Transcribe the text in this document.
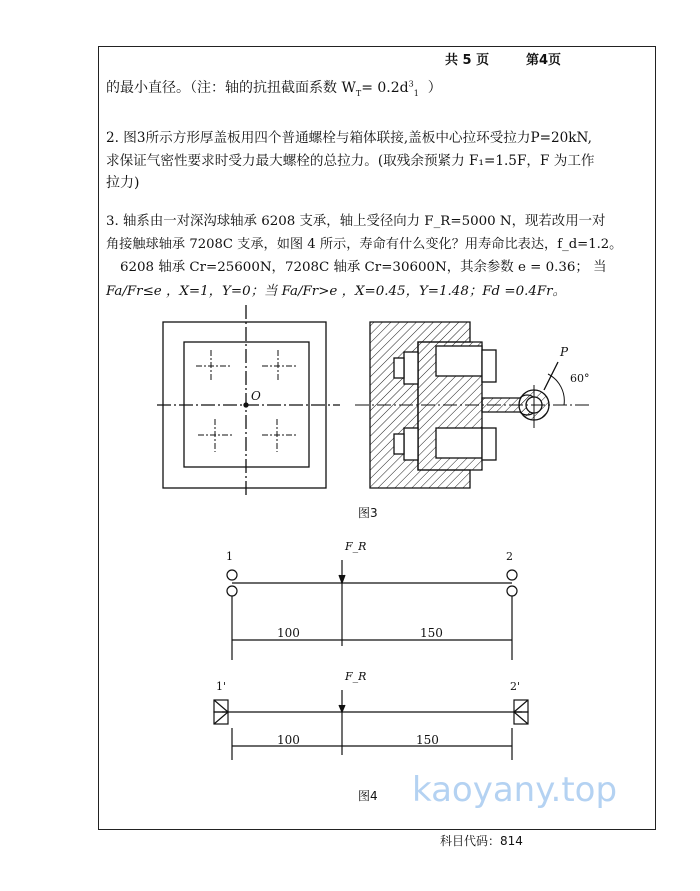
共 5 页	第4页
的最小直径。（注：轴的抗扭截面系数 $W_T= 0.2d^3_1$ ）
2. 图3所示方形厚盖板用四个普通螺栓与箱体联接,盖板中心拉环受拉力P=20kN,
求保证气密性要求时受力最大螺栓的总拉力。(取残余预紧力 F₁=1.5F，F 为工作
拉力)
3. 轴系由一对深沟球轴承 6208 支承，轴上受径向力 F_R=5000 N，现若改用一对
角接触球轴承 7208C 支承，如图 4 所示，寿命有什么变化？用寿命比表达，f_d=1.2。
6208 轴承 Cr=25600N，7208C 轴承 Cr=30600N，其余参数 e = 0.36； 当
Fa/Fr≤e ，X=1，Y=0；当 Fa/Fr>e ，X=0.45，Y=1.48；Fd =0.4Fr。
O
P
60°
图3
F_R
1	2
100	150
F_R
1'	2'
100	150
图4 kaoyany.top
科目代码：814
